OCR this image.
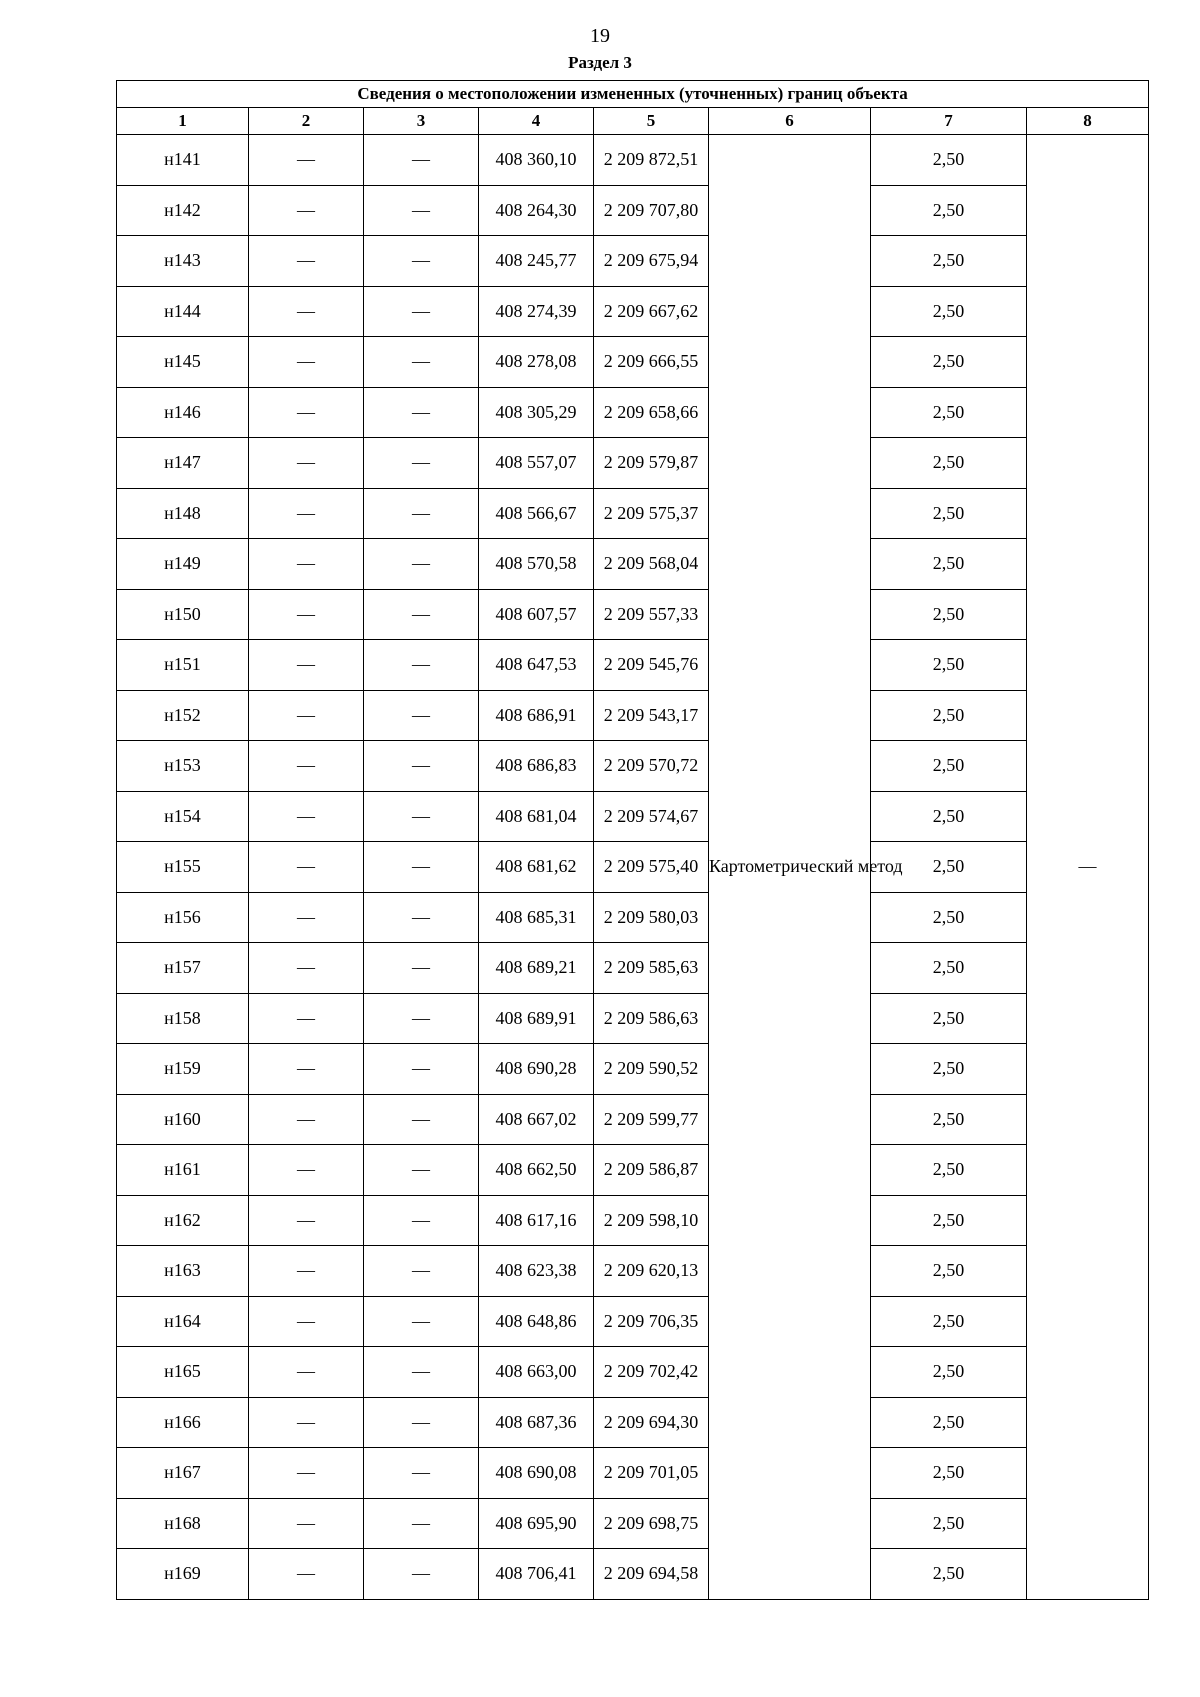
19
Раздел 3
Сведения о местоположении измененных (уточненных) границ объекта							
1	2	3	4	5	6	7	8
н141	—	—	408 360,10	2 209 872,51	Картометрический метод	2,50	—
н142	—	—	408 264,30	2 209 707,80		2,50	
н143	—	—	408 245,77	2 209 675,94		2,50	
н144	—	—	408 274,39	2 209 667,62		2,50	
н145	—	—	408 278,08	2 209 666,55		2,50	
н146	—	—	408 305,29	2 209 658,66		2,50	
н147	—	—	408 557,07	2 209 579,87		2,50	
н148	—	—	408 566,67	2 209 575,37		2,50	
н149	—	—	408 570,58	2 209 568,04		2,50	
н150	—	—	408 607,57	2 209 557,33		2,50	
н151	—	—	408 647,53	2 209 545,76		2,50	
н152	—	—	408 686,91	2 209 543,17		2,50	
н153	—	—	408 686,83	2 209 570,72		2,50	
н154	—	—	408 681,04	2 209 574,67		2,50	
н155	—	—	408 681,62	2 209 575,40		2,50	
н156	—	—	408 685,31	2 209 580,03		2,50	
н157	—	—	408 689,21	2 209 585,63		2,50	
н158	—	—	408 689,91	2 209 586,63		2,50	
н159	—	—	408 690,28	2 209 590,52		2,50	
н160	—	—	408 667,02	2 209 599,77		2,50	
н161	—	—	408 662,50	2 209 586,87		2,50	
н162	—	—	408 617,16	2 209 598,10		2,50	
н163	—	—	408 623,38	2 209 620,13		2,50	
н164	—	—	408 648,86	2 209 706,35		2,50	
н165	—	—	408 663,00	2 209 702,42		2,50	
н166	—	—	408 687,36	2 209 694,30		2,50	
н167	—	—	408 690,08	2 209 701,05		2,50	
н168	—	—	408 695,90	2 209 698,75		2,50	
н169	—	—	408 706,41	2 209 694,58		2,50	
